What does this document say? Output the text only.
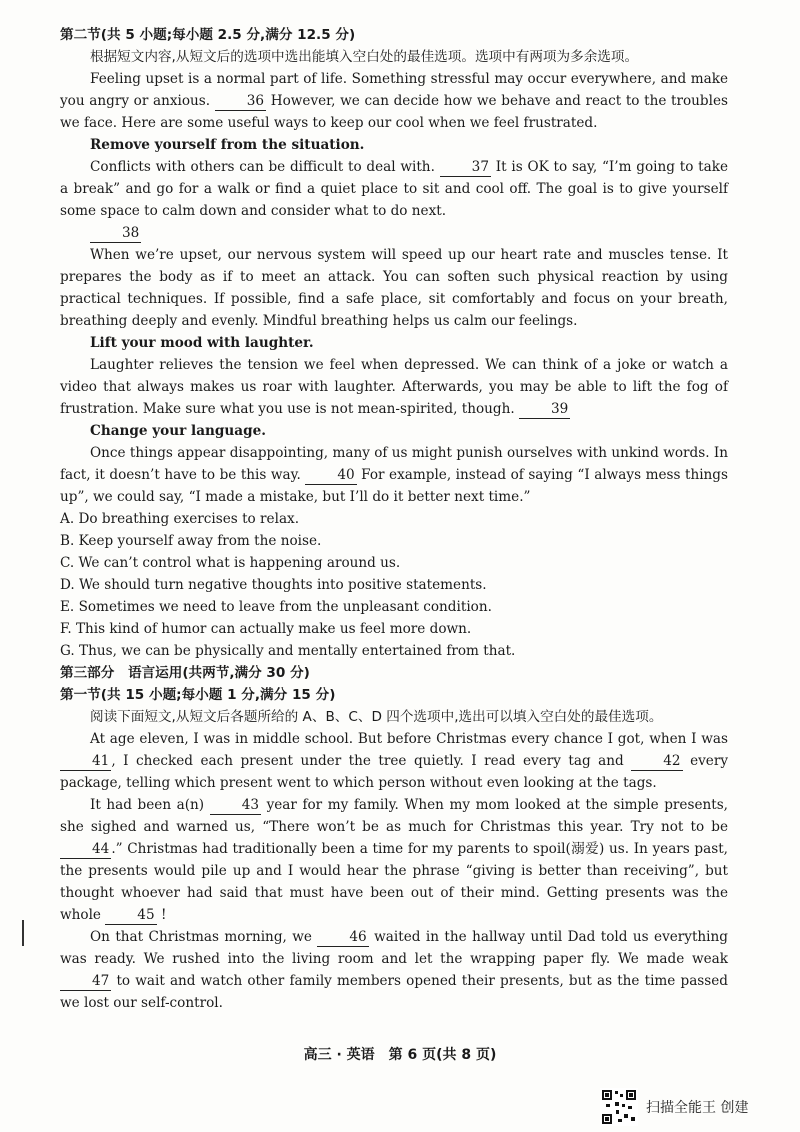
第二节(共 5 小题;每小题 2.5 分,满分 12.5 分)

根据短文内容,从短文后的选项中选出能填入空白处的最佳选项。选项中有两项为多余选项。

Feeling upset is a normal part of life. Something stressful may occur everywhere, and make you angry or anxious.	36 However, we can decide how we behave and react to the troubles we face. Here are some useful ways to keep our cool when we feel frustrated.

Remove yourself from the situation.

Conflicts with others can be difficult to deal with.	37 It is OK to say, “I’m going to take a break” and go for a walk or find a quiet place to sit and cool off. The goal is to give yourself some space to calm down and consider what to do next.

38

When we’re upset, our nervous system will speed up our heart rate and muscles tense. It prepares the body as if to meet an attack. You can soften such physical reaction by using practical techniques. If possible, find a safe place, sit comfortably and focus on your breath, breathing deeply and evenly. Mindful breathing helps us calm our feelings.

Lift your mood with laughter.

Laughter relieves the tension we feel when depressed. We can think of a joke or watch a video that always makes us roar with laughter. Afterwards, you may be able to lift the fog of frustration. Make sure what you use is not mean-spirited, though.	39

Change your language.

Once things appear disappointing, many of us might punish ourselves with unkind words. In fact, it doesn’t have to be this way.	40 For example, instead of saying “I always mess things up”, we could say, “I made a mistake, but I’ll do it better next time.”

A. Do breathing exercises to relax.

B. Keep yourself away from the noise.

C. We can’t control what is happening around us.

D. We should turn negative thoughts into positive statements.

E. Sometimes we need to leave from the unpleasant condition.

F. This kind of humor can actually make us feel more down.

G. Thus, we can be physically and mentally entertained from that.

第三部分　语言运用(共两节,满分 30 分)

第一节(共 15 小题;每小题 1 分,满分 15 分)

阅读下面短文,从短文后各题所给的 A、B、C、D 四个选项中,选出可以填入空白处的最佳选项。

At age eleven, I was in middle school. But before Christmas every chance I got, when I was 41 , I checked each present under the tree quietly. I read every tag and	42 every package, telling which present went to which person without even looking at the tags.

It had been a(n)	43 year for my family. When my mom looked at the simple presents, she sighed and warned us, “There won’t be as much for Christmas this year. Try not to be 44 .” Christmas had traditionally been a time for my parents to spoil(溺爱) us. In years past, the presents would pile up and I would hear the phrase “giving is better than receiving”, but thought whoever had said that must have been out of their mind. Getting presents was the whole	45 !

On that Christmas morning, we	46 waited in the hallway until Dad told us everything was ready. We rushed into the living room and let the wrapping paper fly. We made weak 47 to wait and watch other family members opened their presents, but as the time passed we lost our self-control.

高三 · 英语　第 6 页(共 8 页)
扫描全能王 创建
